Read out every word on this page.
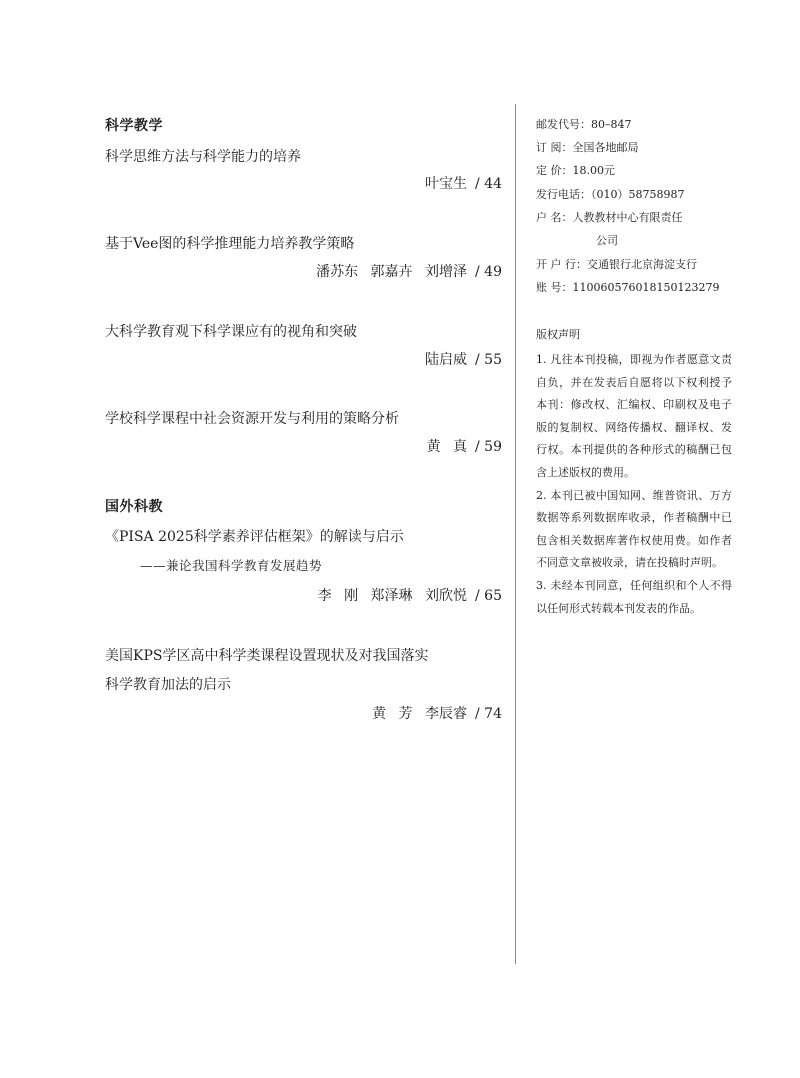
科学教学
科学思维方法与科学能力的培养
叶宝生 / 44
基于Vee图的科学推理能力培养教学策略
潘苏东 郭嘉卉 刘增泽 / 49
大科学教育观下科学课应有的视角和突破
陆启威 / 55
学校科学课程中社会资源开发与利用的策略分析
黄 真 / 59
国外科教
《PISA 2025科学素养评估框架》的解读与启示
——兼论我国科学教育发展趋势
李 刚 郑泽琳 刘欣悦 / 65
美国KPS学区高中科学类课程设置现状及对我国落实
科学教育加法的启示
黄 芳 李辰睿 / 74
邮发代号：80–847
订 阅：全国各地邮局
定 价：18.00元
发行电话：（010）58758987
户 名：人教教材中心有限责任
公司
开 户 行：交通银行北京海淀支行
账 号：110060576018150123279
版权声明

1. 凡往本刊投稿，即视为作者愿意文责自负，并在发表后自愿将以下权利授予本刊：修改权、汇编权、印刷权及电子版的复制权、网络传播权、翻译权、发行权。本刊提供的各种形式的稿酬已包含上述版权的费用。

2. 本刊已被中国知网、维普资讯、万方数据等系列数据库收录，作者稿酬中已包含相关数据库著作权使用费。如作者不同意文章被收录，请在投稿时声明。

3. 未经本刊同意，任何组织和个人不得以任何形式转载本刊发表的作品。
